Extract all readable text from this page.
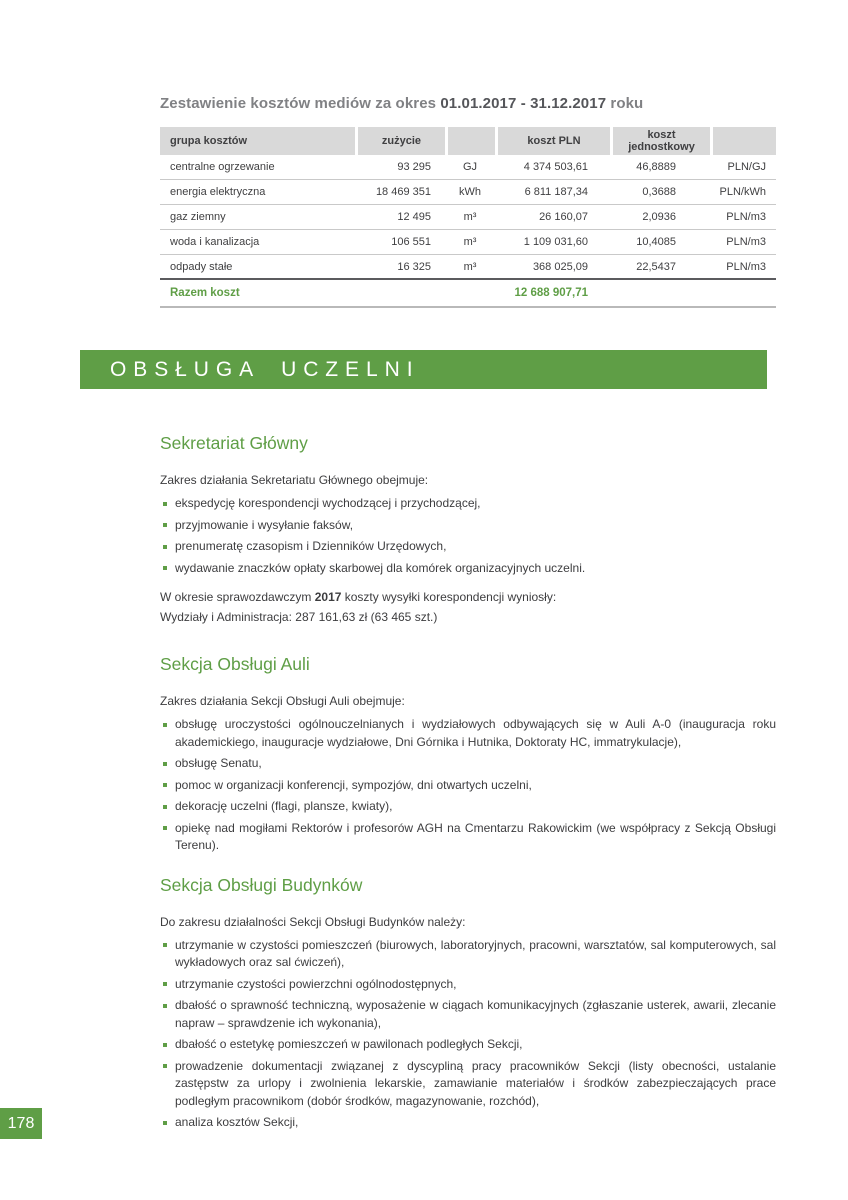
Zestawienie kosztów mediów za okres 01.01.2017 - 31.12.2017 roku
grupa kosztów	zużycie		koszt PLN	koszt jednostkowy	
centralne ogrzewanie	93 295	GJ	4 374 503,61	46,8889	PLN/GJ
energia elektryczna	18 469 351	kWh	6 811 187,34	0,3688	PLN/kWh
gaz ziemny	12 495	m³	26 160,07	2,0936	PLN/m3
woda i kanalizacja	106 551	m³	1 109 031,60	10,4085	PLN/m3
odpady stałe	16 325	m³	368 025,09	22,5437	PLN/m3
Razem koszt			12 688 907,71		
OBSŁUGA UCZELNI
Sekretariat Główny
Zakres działania Sekretariatu Głównego obejmuje:
ekspedycję korespondencji wychodzącej i przychodzącej,
przyjmowanie i wysyłanie faksów,
prenumeratę czasopism i Dzienników Urzędowych,
wydawanie znaczków opłaty skarbowej dla komórek organizacyjnych uczelni.
W okresie sprawozdawczym 2017 koszty wysyłki korespondencji wyniosły:
Wydziały i Administracja: 287 161,63 zł (63 465 szt.)
Sekcja Obsługi Auli
Zakres działania Sekcji Obsługi Auli obejmuje:
obsługę uroczystości ogólnouczelnianych i wydziałowych odbywających się w Auli A-0 (inauguracja roku akademickiego, inauguracje wydziałowe, Dni Górnika i Hutnika, Doktoraty HC, immatrykulacje),
obsługę Senatu,
pomoc w organizacji konferencji, sympozjów, dni otwartych uczelni,
dekorację uczelni (flagi, plansze, kwiaty),
opiekę nad mogiłami Rektorów i profesorów AGH na Cmentarzu Rakowickim (we współpracy z Sekcją Obsługi Terenu).
Sekcja Obsługi Budynków
Do zakresu działalności Sekcji Obsługi Budynków należy:
utrzymanie w czystości pomieszczeń (biurowych, laboratoryjnych, pracowni, warsztatów, sal komputerowych, sal wykładowych oraz sal ćwiczeń),
utrzymanie czystości powierzchni ogólnodostępnych,
dbałość o sprawność techniczną, wyposażenie w ciągach komunikacyjnych (zgłaszanie usterek, awarii, zlecanie napraw – sprawdzenie ich wykonania),
dbałość o estetykę pomieszczeń w pawilonach podległych Sekcji,
prowadzenie dokumentacji związanej z dyscypliną pracy pracowników Sekcji (listy obecności, ustalanie zastępstw za urlopy i zwolnienia lekarskie, zamawianie materiałów i środków zabezpieczających prace podległym pracownikom (dobór środków, magazynowanie, rozchód),
analiza kosztów Sekcji,
178
